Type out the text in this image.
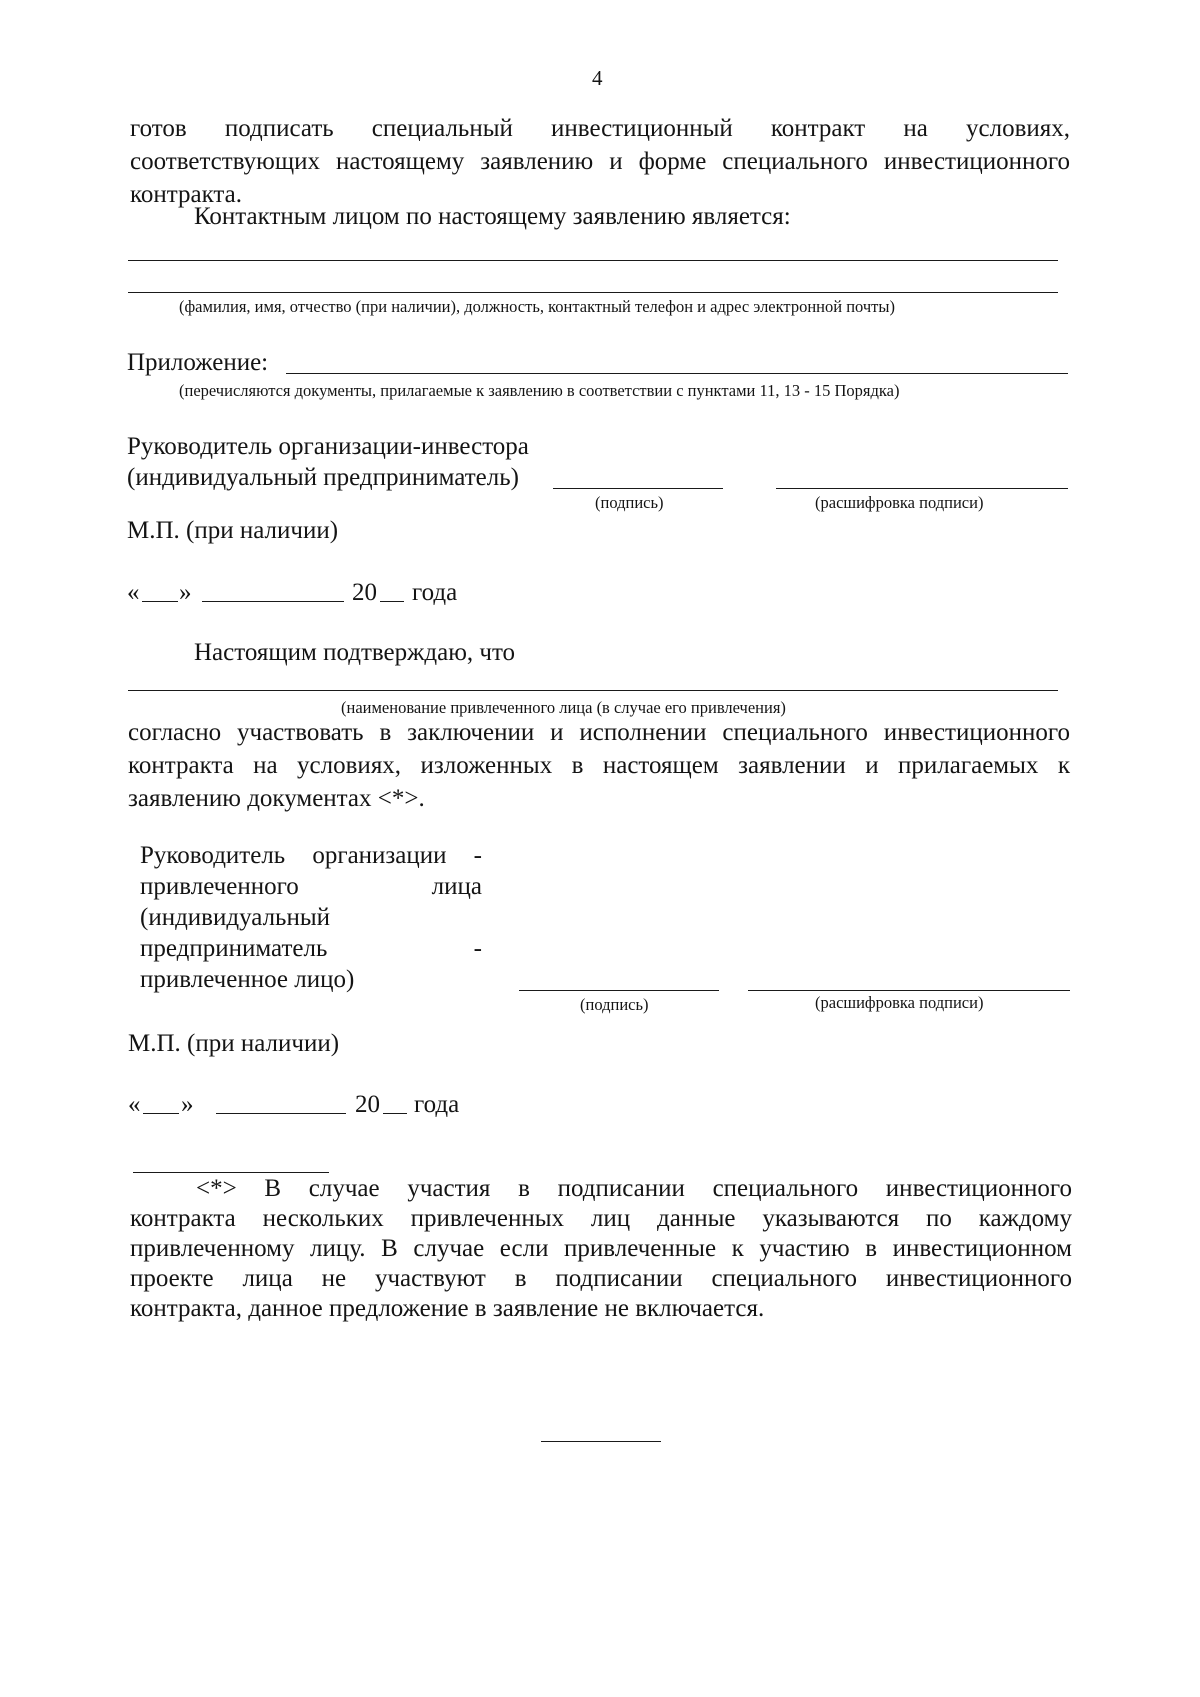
4
готов подписать специальный инвестиционный контракт на условиях,
соответствующих настоящему заявлению и форме специального инвестиционного
контракта.
Контактным лицом по настоящему заявлению является:
(фамилия, имя, отчество (при наличии), должность, контактный телефон и адрес электронной почты)
Приложение:
(перечисляются документы, прилагаемые к заявлению в соответствии с пунктами 11, 13 - 15 Порядка)
Руководитель организации-инвестора
(индивидуальный предприниматель)
(подпись)	(расшифровка подписи)
М.П. (при наличии)
« »	20 года
Настоящим подтверждаю, что
(наименование привлеченного лица (в случае его привлечения)
согласно участвовать в заключении и исполнении специального инвестиционного
контракта на условиях, изложенных в настоящем заявлении и прилагаемых к
заявлению документах <*>.
Руководитель организации -
привлеченного лица
(индивидуальный
предприниматель -
привлеченное лицо)
(подпись)	(расшифровка подписи)
М.П. (при наличии)
« »	20 года
<*> В случае участия в подписании специального инвестиционного
контракта нескольких привлеченных лиц данные указываются по каждому
привлеченному лицу. В случае если привлеченные к участию в инвестиционном
проекте лица не участвуют в подписании специального инвестиционного
контракта, данное предложение в заявление не включается.
